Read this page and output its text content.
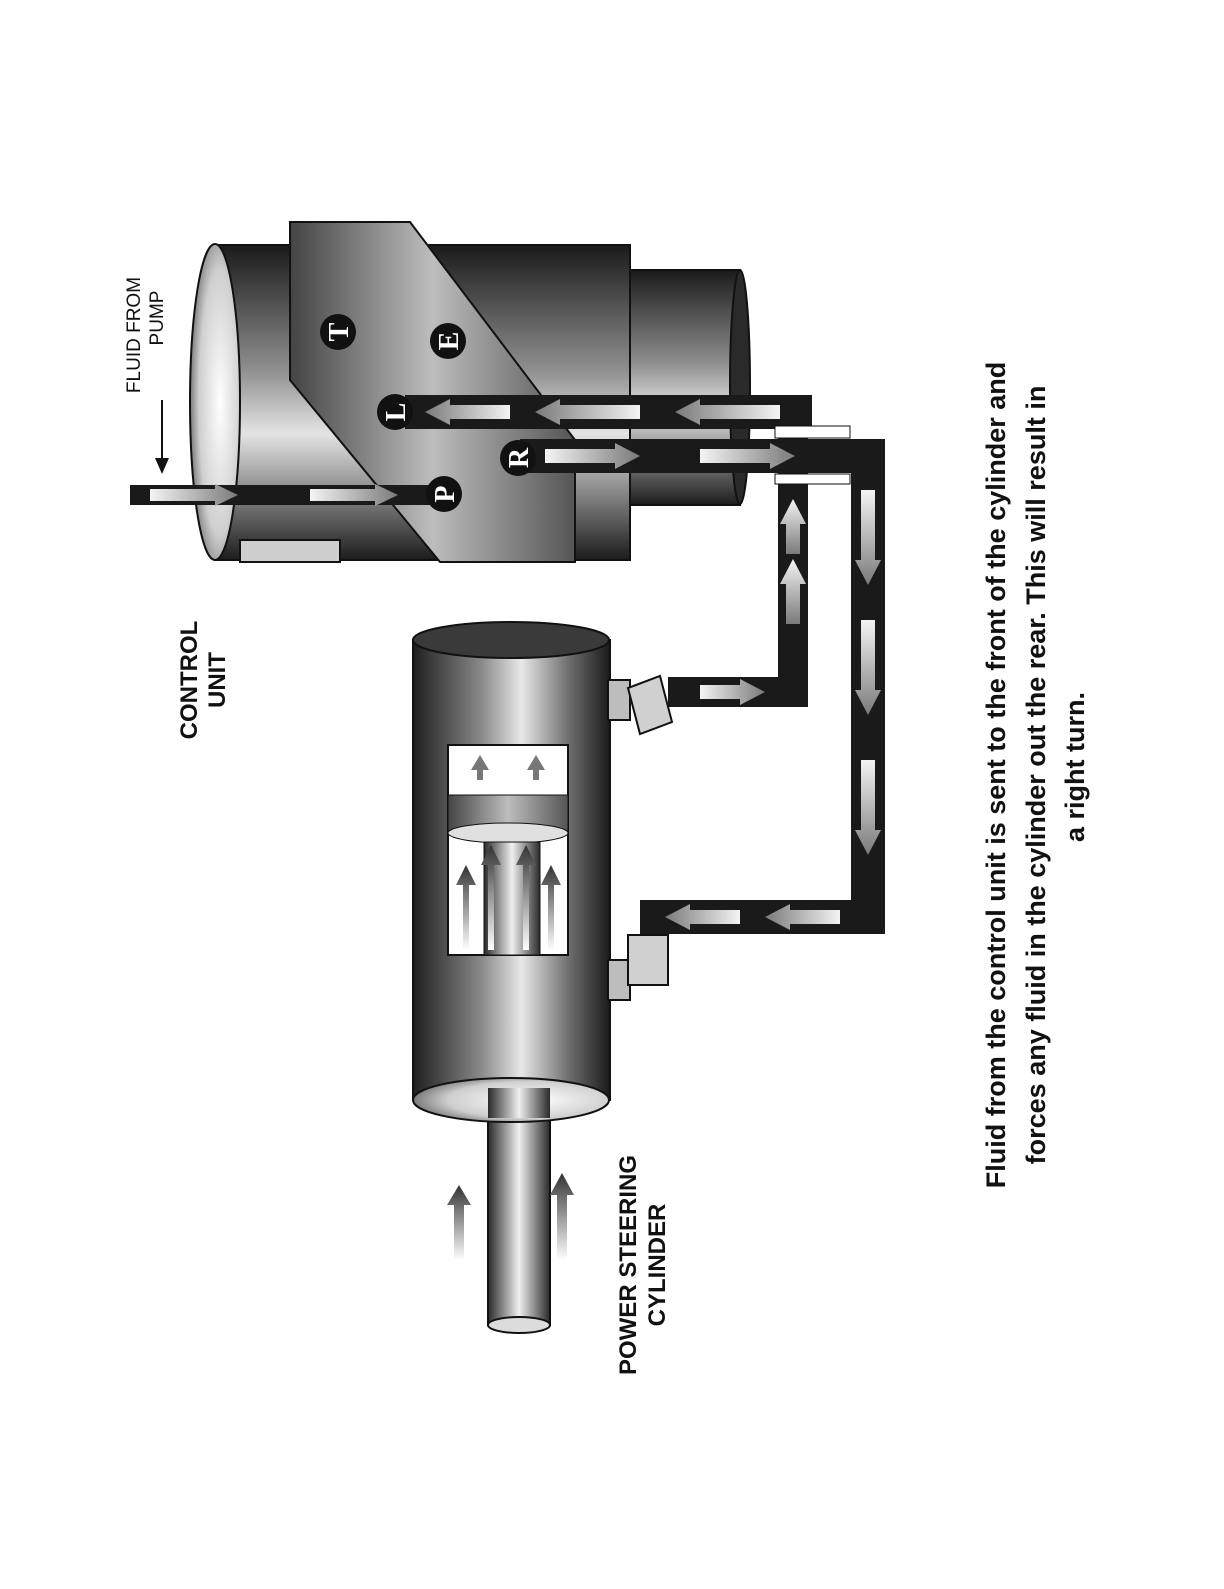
T	E
L
R
P
FLUID FROM PUMP
CONTROL UNIT
POWER STEERING CYLINDER
Fluid from the control unit is sent to the front of the cylinder and forces any fluid in the cylinder out the rear. This will result in a right turn.
